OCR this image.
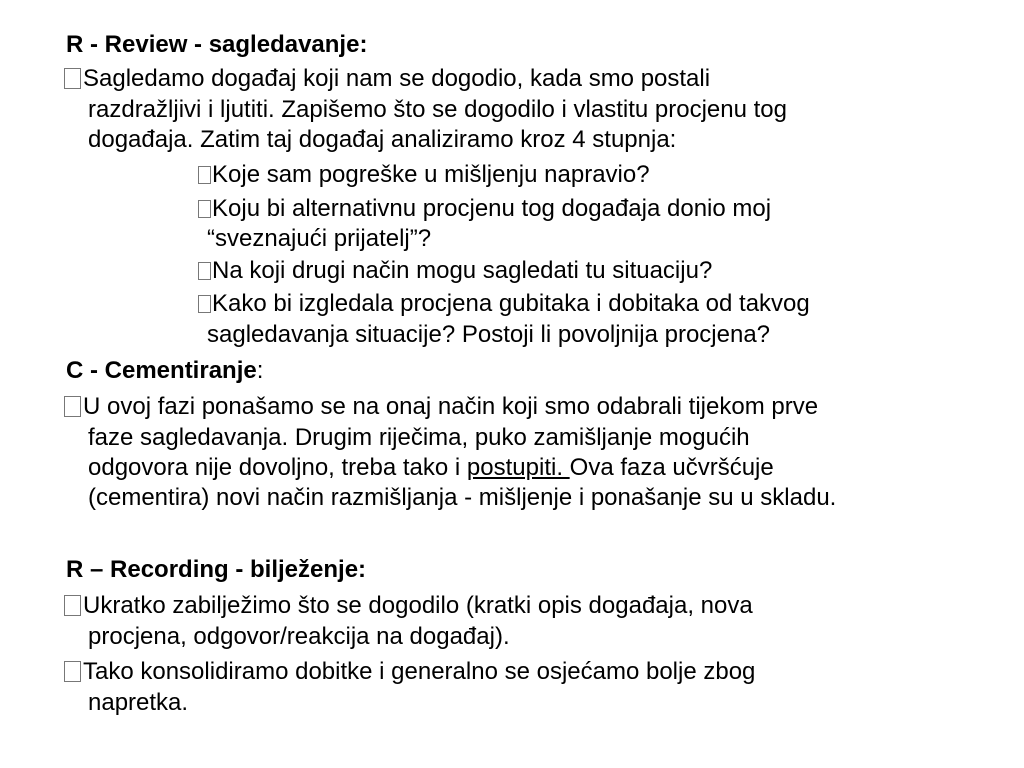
R - Review - sagledavanje:
Sagledamo događaj koji nam se dogodio, kada smo postali
razdražljivi i ljutiti. Zapišemo što se dogodilo i vlastitu procjenu tog
događaja. Zatim taj događaj analiziramo kroz 4 stupnja:
Koje sam pogreške u mišljenju napravio?
Koju bi alternativnu procjenu tog događaja donio moj
“sveznajući prijatelj”?
Na koji drugi način mogu sagledati tu situaciju?
Kako bi izgledala procjena gubitaka i dobitaka od takvog
sagledavanja situacije? Postoji li povoljnija procjena?
C - Cementiranje:
U ovoj fazi ponašamo se na onaj način koji smo odabrali tijekom prve
faze sagledavanja. Drugim riječima, puko zamišljanje mogućih
odgovora nije dovoljno, treba tako i postupiti. Ova faza učvršćuje
(cementira) novi način razmišljanja - mišljenje i ponašanje su u skladu.
R – Recording - bilježenje:
Ukratko zabilježimo što se dogodilo (kratki opis događaja, nova
procjena, odgovor/reakcija na događaj).
Tako konsolidiramo dobitke i generalno se osjećamo bolje zbog
napretka.
